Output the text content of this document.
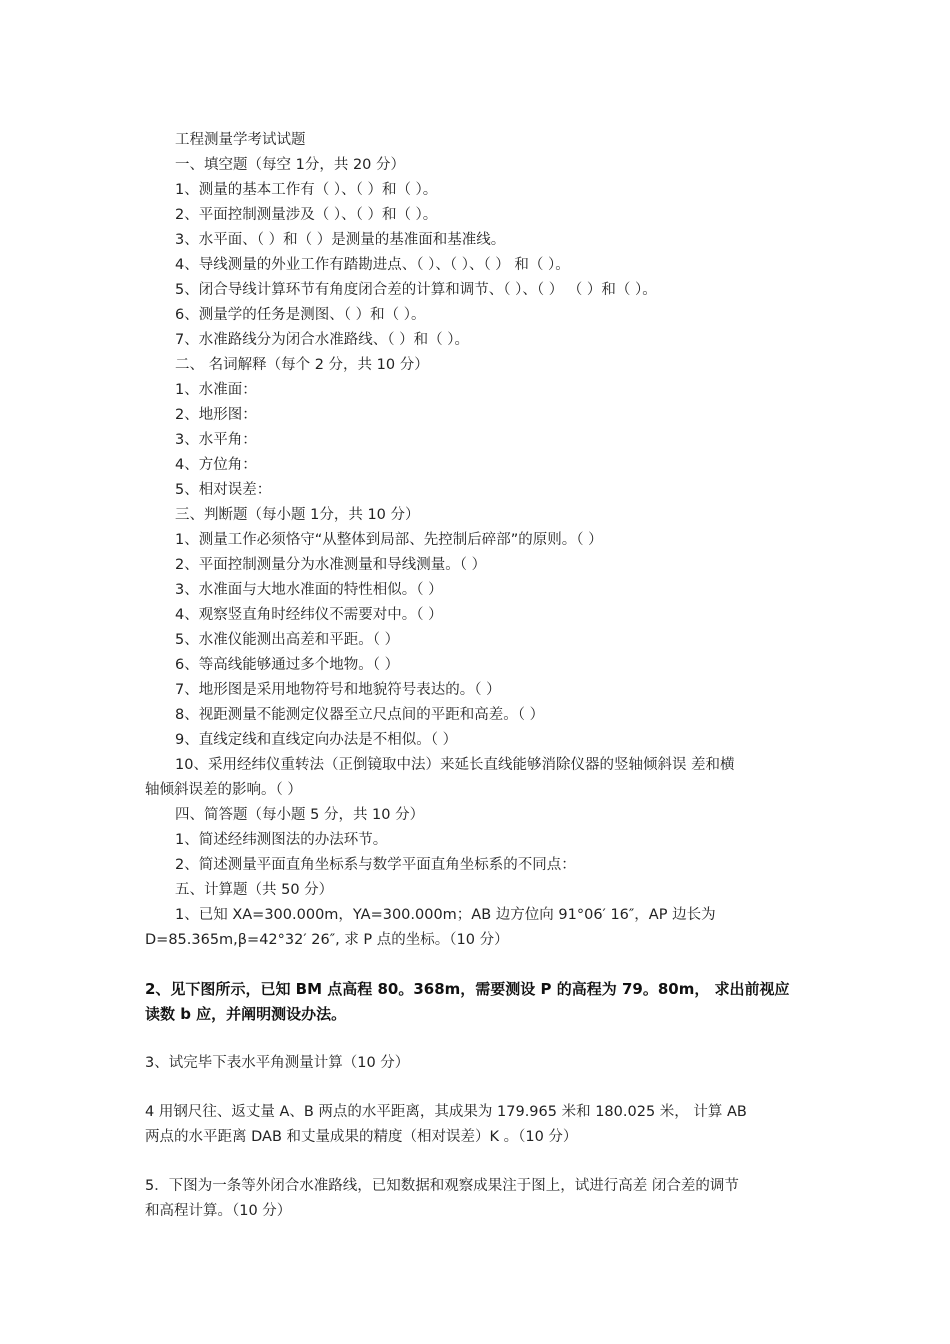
工程测量学考试试题
一、填空题（每空 1分，共 20 分）
1、测量的基本工作有（ ）、（ ）和（ ）。
2、平面控制测量涉及（ ）、（ ）和（ ）。
3、水平面、（ ）和（ ）是测量的基准面和基准线。
4、导线测量的外业工作有踏勘进点、（ ）、（ ）、（ ） 和（ ）。
5、闭合导线计算环节有角度闭合差的计算和调节、（ ）、（ ） （ ）和（ ）。
6、测量学的任务是测图、（ ）和（ ）。
7、水准路线分为闭合水准路线、（ ）和（ ）。
二、 名词解释（每个 2 分，共 10 分）
1、水准面：
2、地形图：
3、水平角：
4、方位角：
5、相对误差：
三、判断题（每小题 1分，共 10 分）
1、测量工作必须恪守“从整体到局部、先控制后碎部”的原则。（ ）
2、平面控制测量分为水准测量和导线测量。（ ）
3、水准面与大地水准面的特性相似。（ ）
4、观察竖直角时经纬仪不需要对中。（ ）
5、水准仪能测出高差和平距。（ ）
6、等高线能够通过多个地物。（ ）
7、地形图是采用地物符号和地貌符号表达的。（ ）
8、视距测量不能测定仪器至立尺点间的平距和高差。（ ）
9、直线定线和直线定向办法是不相似。（ ）
10、采用经纬仪重转法（正倒镜取中法）来延长直线能够消除仪器的竖轴倾斜误 差和横
轴倾斜误差的影响。（ ）
四、简答题（每小题 5 分，共 10 分）
1、简述经纬测图法的办法环节。
2、简述测量平面直角坐标系与数学平面直角坐标系的不同点：
五、计算题（共 50 分）
1、已知 XA=300.000m，YA=300.000m；AB 边方位向 91°06′ 16″，AP 边长为
D=85.365m,β=42°32′ 26″, 求 P 点的坐标。（10 分）
2、见下图所示，已知 BM 点高程 80。368m，需要测设 P 的高程为 79。80m， 求出前视应
读数 b 应，并阐明测设办法。
3、试完毕下表水平角测量计算（10 分）
4 用钢尺往、返丈量 A、B 两点的水平距离，其成果为 179.965 米和 180.025 米， 计算 AB
两点的水平距离 DAB 和丈量成果的精度（相对误差）K 。（10 分）
5．下图为一条等外闭合水准路线，已知数据和观察成果注于图上，试进行高差 闭合差的调节
和高程计算。（10 分）
